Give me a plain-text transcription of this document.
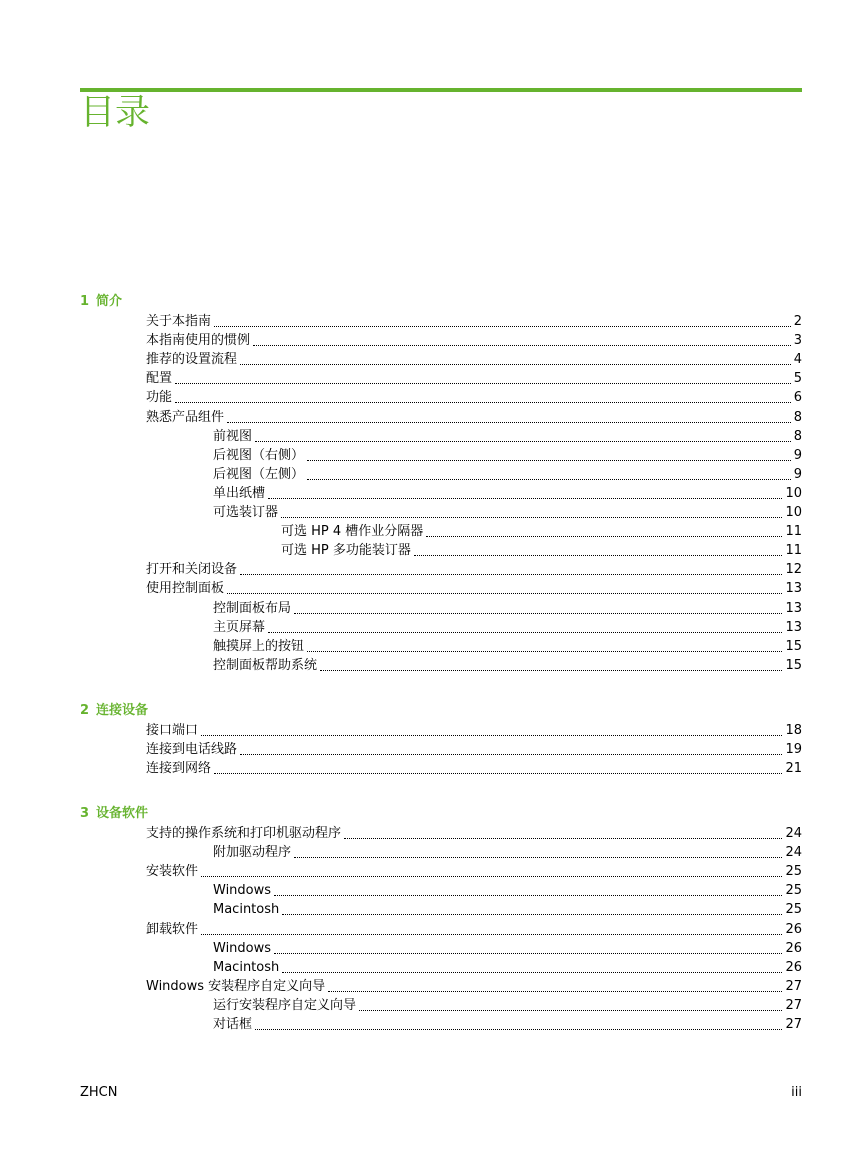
目录
1 简介
关于本指南	2
本指南使用的惯例	3
推荐的设置流程	4
配置	5
功能	6
熟悉产品组件	8
前视图	8
后视图（右侧）	9
后视图（左侧）	9
单出纸槽	10
可选装订器	10
可选 HP 4 槽作业分隔器	11
可选 HP 多功能装订器	11
打开和关闭设备	12
使用控制面板	13
控制面板布局	13
主页屏幕	13
触摸屏上的按钮	15
控制面板帮助系统	15
2 连接设备
接口端口	18
连接到电话线路	19
连接到网络	21
3 设备软件
支持的操作系统和打印机驱动程序	24
附加驱动程序	24
安装软件	25
Windows	25
Macintosh	25
卸载软件	26
Windows	26
Macintosh	26
Windows 安装程序自定义向导	27
运行安装程序自定义向导	27
对话框	27
ZHCN	iii
